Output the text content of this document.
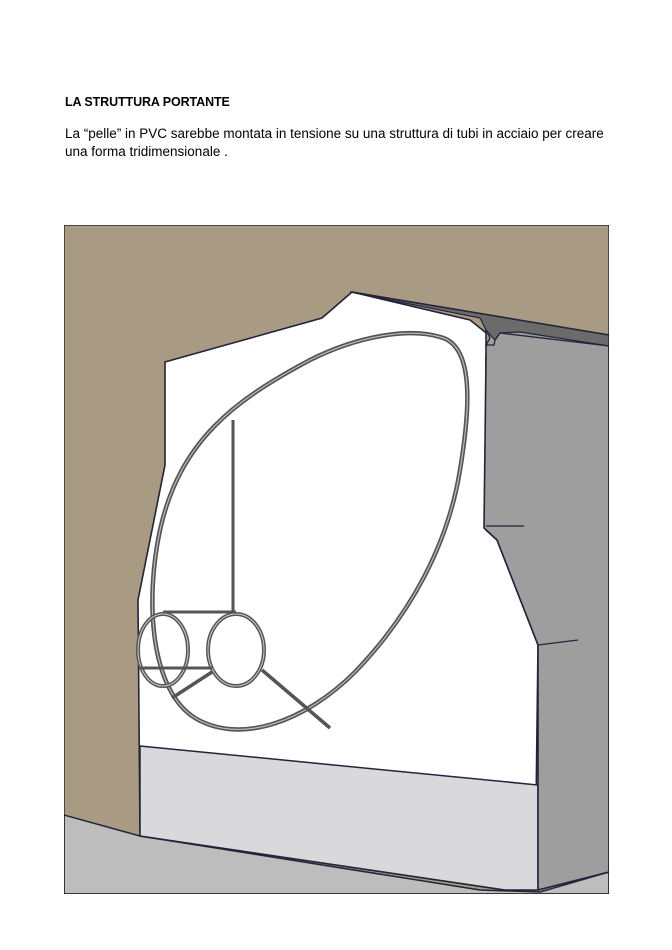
LA STRUTTURA PORTANTE
La “pelle” in PVC sarebbe montata in tensione su una struttura di tubi in acciaio per creare una forma tridimensionale .
